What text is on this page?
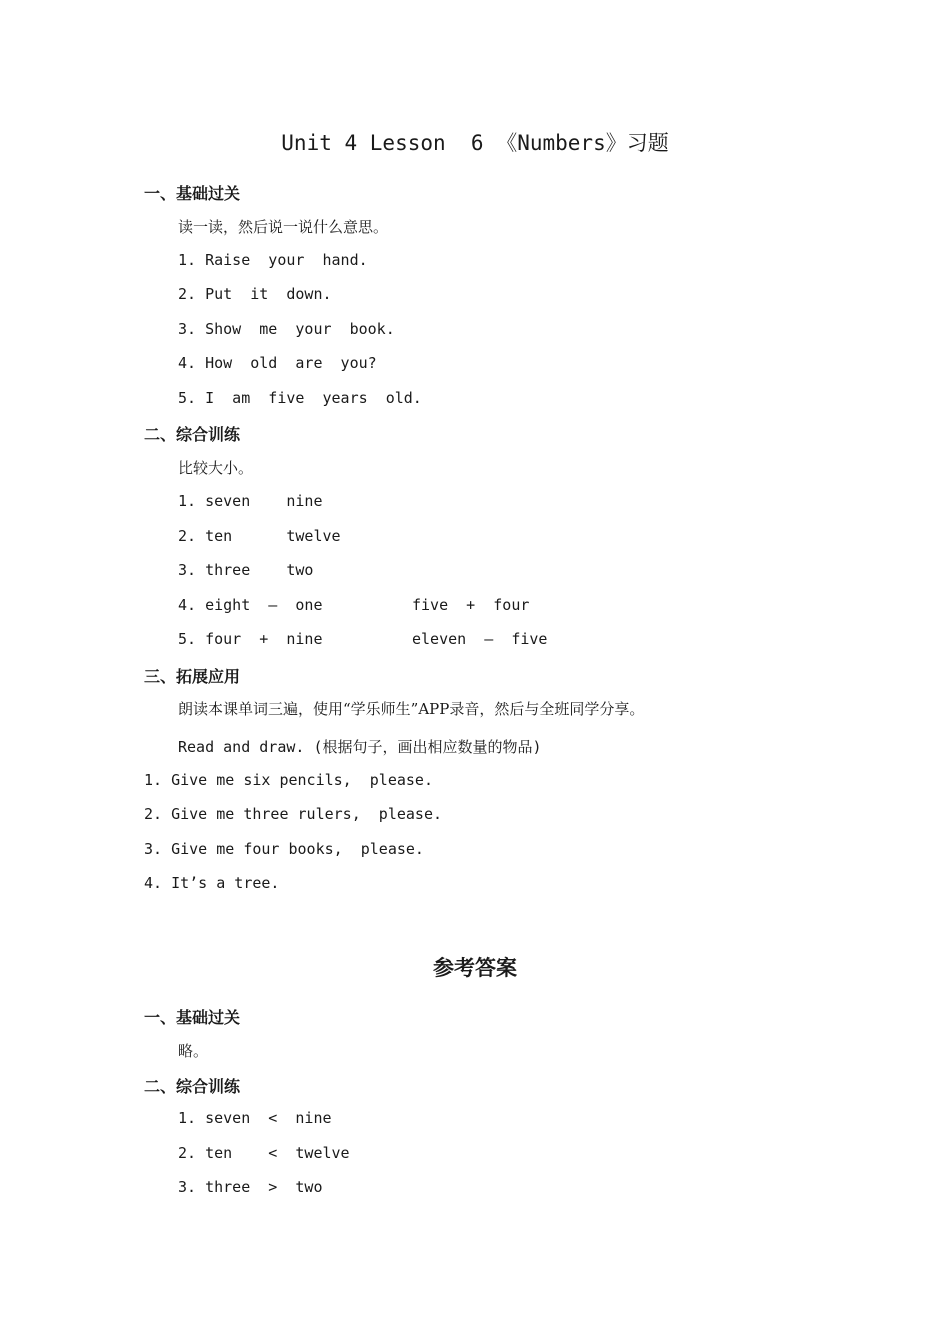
Unit 4 Lesson  6 《Numbers》习题
一、基础过关
读一读，然后说一说什么意思。
1. Raise  your  hand.
2. Put  it  down.
3. Show  me  your  book.
4. How  old  are  you?
5. I  am  five  years  old.
二、综合训练
比较大小。
1. seven    nine
2. ten      twelve
3. three    two
4. eight  —  one	five  +  four
5. four  +  nine	eleven  –  five
三、拓展应用
朗读本课单词三遍，使用“学乐师生”APP录音，然后与全班同学分享。
Read and draw. (根据句子，画出相应数量的物品)
1. Give me six pencils,  please.
2. Give me three rulers,  please.
3. Give me four books,  please.
4. It’s a tree.
参考答案
一、基础过关
略。
二、综合训练
1. seven  <  nine
2. ten    <  twelve
3. three  >  two
